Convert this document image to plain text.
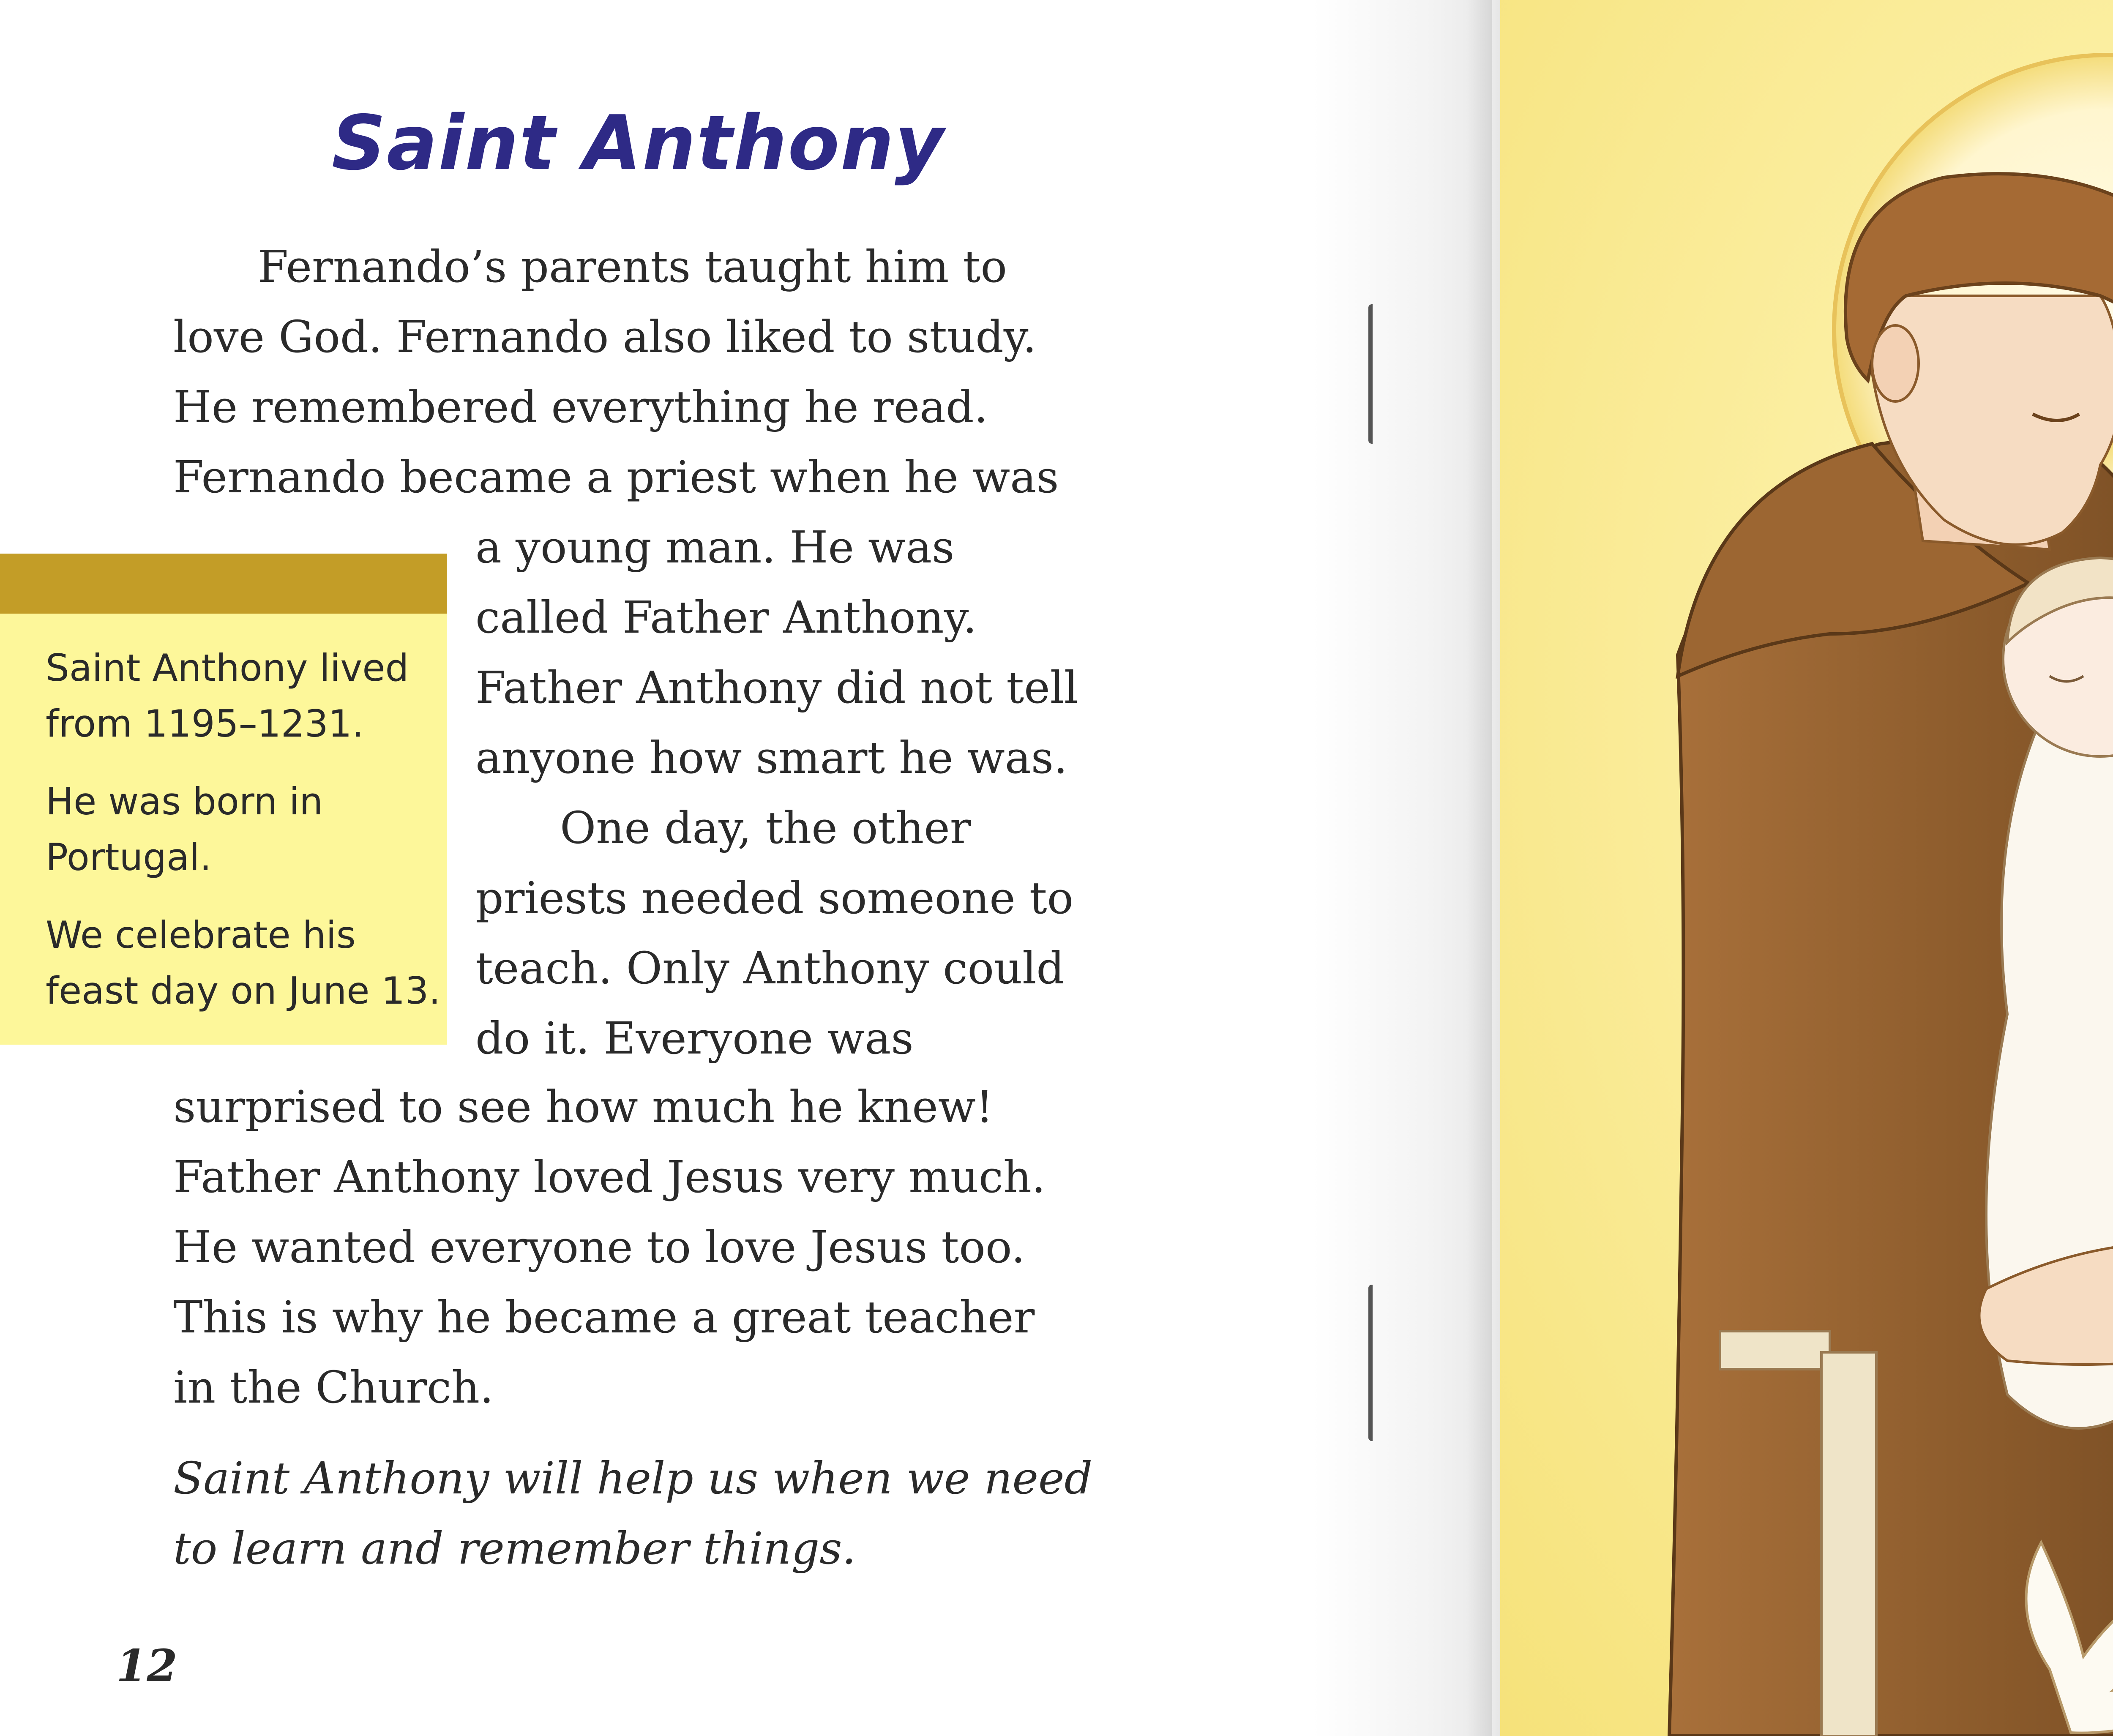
Saint Anthony
Fernando’s parents taught him to
love God. Fernando also liked to study.
He remembered everything he read.
Fernando became a priest when he was
a young man. He was
called Father Anthony.
Father Anthony did not tell
anyone how smart he was.
One day, the other
priests needed someone to
teach. Only Anthony could
do it. Everyone was
surprised to see how much he knew!
Father Anthony loved Jesus very much.
He wanted everyone to love Jesus too.
This is why he became a great teacher
in the Church.
Saint Anthony will help us when we need
to learn and remember things.
12
Saint Anthony lived
from 1195–1231.
He was born in
Portugal.
We celebrate his
feast day on June 13.
